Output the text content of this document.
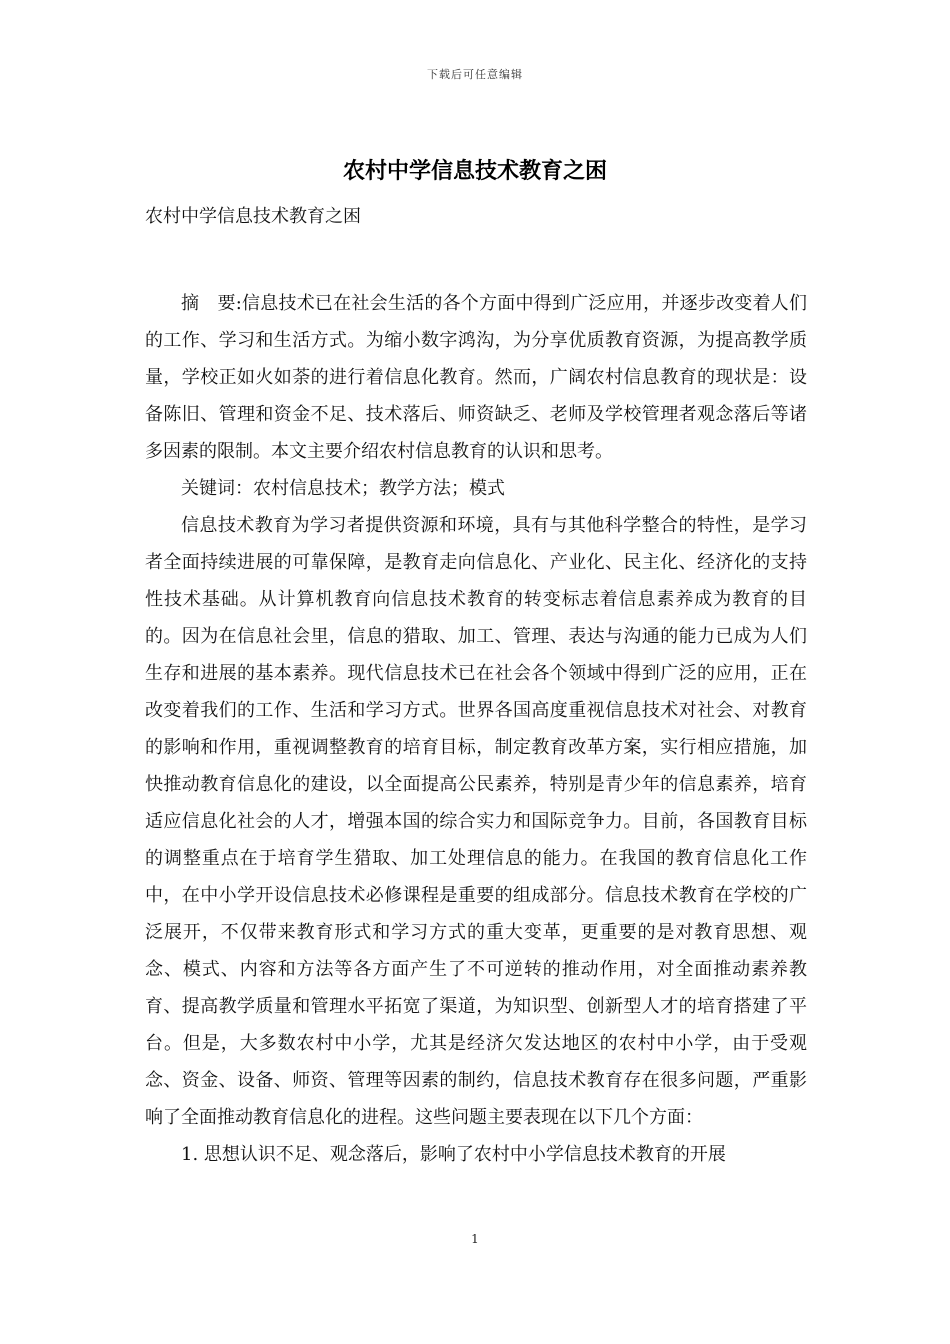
下载后可任意编辑
农村中学信息技术教育之困

农村中学信息技术教育之困

摘　要:信息技术已在社会生活的各个方面中得到广泛应用，并逐步改变着人们的工作、学习和生活方式。为缩小数字鸿沟，为分享优质教育资源，为提高教学质量，学校正如火如荼的进行着信息化教育。然而，广阔农村信息教育的现状是：设备陈旧、管理和资金不足、技术落后、师资缺乏、老师及学校管理者观念落后等诸多因素的限制。本文主要介绍农村信息教育的认识和思考。

关键词：农村信息技术；教学方法；模式

信息技术教育为学习者提供资源和环境，具有与其他科学整合的特性，是学习者全面持续进展的可靠保障，是教育走向信息化、产业化、民主化、经济化的支持性技术基础。从计算机教育向信息技术教育的转变标志着信息素养成为教育的目的。因为在信息社会里，信息的猎取、加工、管理、表达与沟通的能力已成为人们生存和进展的基本素养。现代信息技术已在社会各个领域中得到广泛的应用，正在改变着我们的工作、生活和学习方式。世界各国高度重视信息技术对社会、对教育的影响和作用，重视调整教育的培育目标，制定教育改革方案，实行相应措施，加快推动教育信息化的建设，以全面提高公民素养，特别是青少年的信息素养，培育适应信息化社会的人才，增强本国的综合实力和国际竞争力。目前，各国教育目标的调整重点在于培育学生猎取、加工处理信息的能力。在我国的教育信息化工作中，在中小学开设信息技术必修课程是重要的组成部分。信息技术教育在学校的广泛展开，不仅带来教育形式和学习方式的重大变革，更重要的是对教育思想、观念、模式、内容和方法等各方面产生了不可逆转的推动作用，对全面推动素养教育、提高教学质量和管理水平拓宽了渠道，为知识型、创新型人才的培育搭建了平台。但是，大多数农村中小学，尤其是经济欠发达地区的农村中小学，由于受观念、资金、设备、师资、管理等因素的制约，信息技术教育存在很多问题，严重影响了全面推动教育信息化的进程。这些问题主要表现在以下几个方面：

1. 思想认识不足、观念落后，影响了农村中小学信息技术教育的开展

1
